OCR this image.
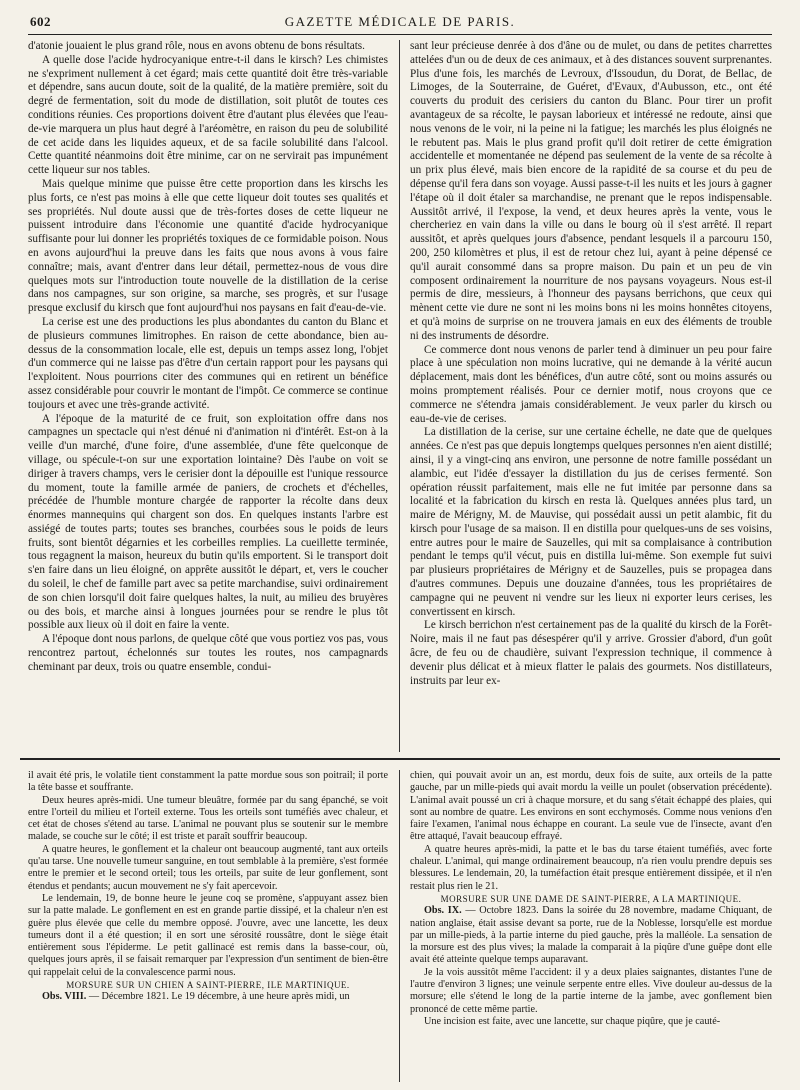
602	GAZETTE MÉDICALE DE PARIS.

d'atonie jouaient le plus grand rôle, nous en avons obtenu de bons résultats.

A quelle dose l'acide hydrocyanique entre-t-il dans le kirsch? Les chimistes ne s'expriment nullement à cet égard; mais cette quantité doit être très-variable et dépendre, sans aucun doute, soit de la qualité, de la matière première, soit du degré de fermentation, soit du mode de distillation, soit plutôt de toutes ces conditions réunies. Ces proportions doivent être d'autant plus élevées que l'eau-de-vie marquera un plus haut degré à l'aréomètre, en raison du peu de solubilité de cet acide dans les liquides aqueux, et de sa facile solubilité dans l'alcool. Cette quantité néanmoins doit être minime, car on ne servirait pas impunément cette liqueur sur nos tables.

Mais quelque minime que puisse être cette proportion dans les kirschs les plus forts, ce n'est pas moins à elle que cette liqueur doit toutes ses qualités et ses propriétés. Nul doute aussi que de très-fortes doses de cette liqueur ne puissent introduire dans l'économie une quantité d'acide hydrocyanique suffisante pour lui donner les propriétés toxiques de ce formidable poison. Nous en avons aujourd'hui la preuve dans les faits que nous avons à vous faire connaître; mais, avant d'entrer dans leur détail, permettez-nous de vous dire quelques mots sur l'introduction toute nouvelle de la distillation de la cerise dans nos campagnes, sur son origine, sa marche, ses progrès, et sur l'usage presque exclusif du kirsch que font aujourd'hui nos paysans en fait d'eau-de-vie.

La cerise est une des productions les plus abondantes du canton du Blanc et de plusieurs communes limitrophes. En raison de cette abondance, bien au-dessus de la consommation locale, elle est, depuis un temps assez long, l'objet d'un commerce qui ne laisse pas d'être d'un certain rapport pour les paysans qui l'exploitent. Nous pourrions citer des communes qui en retirent un bénéfice assez considérable pour couvrir le montant de l'impôt. Ce commerce se continue toujours et avec une très-grande activité.

A l'époque de la maturité de ce fruit, son exploitation offre dans nos campagnes un spectacle qui n'est dénué ni d'animation ni d'intérêt. Est-on à la veille d'un marché, d'une foire, d'une assemblée, d'une fête quelconque de village, ou spécule-t-on sur une exportation lointaine? Dès l'aube on voit se diriger à travers champs, vers le cerisier dont la dépouille est l'unique ressource du moment, toute la famille armée de paniers, de crochets et d'échelles, précédée de l'humble monture chargée de rapporter la récolte dans deux énormes mannequins qui chargent son dos. En quelques instants l'arbre est assiégé de toutes parts; toutes ses branches, courbées sous le poids de leurs fruits, sont bientôt dégarnies et les corbeilles remplies. La cueillette terminée, tous regagnent la maison, heureux du butin qu'ils emportent. Si le transport doit s'en faire dans un lieu éloigné, on apprête aussitôt le départ, et, vers le coucher du soleil, le chef de famille part avec sa petite marchandise, suivi ordinairement de son chien lorsqu'il doit faire quelques haltes, la nuit, au milieu des bruyères ou des bois, et marche ainsi à longues journées pour se rendre le plus tôt possible aux lieux où il doit en faire la vente.

A l'époque dont nous parlons, de quelque côté que vous portiez vos pas, vous rencontrez partout, échelonnés sur toutes les routes, nos campagnards cheminant par deux, trois ou quatre ensemble, condui-

sant leur précieuse denrée à dos d'âne ou de mulet, ou dans de petites charrettes attelées d'un ou de deux de ces animaux, et à des distances souvent surprenantes. Plus d'une fois, les marchés de Levroux, d'Issoudun, du Dorat, de Bellac, de Limoges, de la Souterraine, de Guéret, d'Evaux, d'Aubusson, etc., ont été couverts du produit des cerisiers du canton du Blanc. Pour tirer un profit avantageux de sa récolte, le paysan laborieux et intéressé ne redoute, ainsi que nous venons de le voir, ni la peine ni la fatigue; les marchés les plus éloignés ne le rebutent pas. Mais le plus grand profit qu'il doit retirer de cette émigration accidentelle et momentanée ne dépend pas seulement de la vente de sa récolte à un prix plus élevé, mais bien encore de la rapidité de sa course et du peu de dépense qu'il fera dans son voyage. Aussi passe-t-il les nuits et les jours à gagner l'étape où il doit étaler sa marchandise, ne prenant que le repos indispensable. Aussitôt arrivé, il l'expose, la vend, et deux heures après la vente, vous le chercheriez en vain dans la ville ou dans le bourg où il s'est arrêté. Il repart aussitôt, et après quelques jours d'absence, pendant lesquels il a parcouru 150, 200, 250 kilomètres et plus, il est de retour chez lui, ayant à peine dépensé ce qu'il aurait consommé dans sa propre maison. Du pain et un peu de vin composent ordinairement la nourriture de nos paysans voyageurs. Nous est-il permis de dire, messieurs, à l'honneur des paysans berrichons, que ceux qui mènent cette vie dure ne sont ni les moins bons ni les moins honnêtes citoyens, et qu'à moins de surprise on ne trouvera jamais en eux des éléments de trouble ni des instruments de désordre.

Ce commerce dont nous venons de parler tend à diminuer un peu pour faire place à une spéculation non moins lucrative, qui ne demande à la vérité aucun déplacement, mais dont les bénéfices, d'un autre côté, sont ou moins assurés ou moins promptement réalisés. Pour ce dernier motif, nous croyons que ce commerce ne s'étendra jamais considérablement. Je veux parler du kirsch ou eau-de-vie de cerises.

La distillation de la cerise, sur une certaine échelle, ne date que de quelques années. Ce n'est pas que depuis longtemps quelques personnes n'en aient distillé; ainsi, il y a vingt-cinq ans environ, une personne de notre famille possédant un alambic, eut l'idée d'essayer la distillation du jus de cerises fermenté. Son opération réussit parfaitement, mais elle ne fut imitée par personne dans sa localité et la fabrication du kirsch en resta là. Quelques années plus tard, un maire de Mérigny, M. de Mauvise, qui possédait aussi un petit alambic, fit du kirsch pour l'usage de sa maison. Il en distilla pour quelques-uns de ses voisins, entre autres pour le maire de Sauzelles, qui mit sa complaisance à contribution pendant le temps qu'il vécut, puis en distilla lui-même. Son exemple fut suivi par plusieurs propriétaires de Mérigny et de Sauzelles, puis se propagea dans d'autres communes. Depuis une douzaine d'années, tous les propriétaires de campagne qui ne peuvent ni vendre sur les lieux ni exporter leurs cerises, les convertissent en kirsch.

Le kirsch berrichon n'est certainement pas de la qualité du kirsch de la Forêt-Noire, mais il ne faut pas désespérer qu'il y arrive. Grossier d'abord, d'un goût âcre, de feu ou de chaudière, suivant l'expression technique, il commence à devenir plus délicat et à mieux flatter le palais des gourmets. Nos distillateurs, instruits par leur ex-

il avait été pris, le volatile tient constamment la patte mordue sous son poitrail; il porte la tête basse et souffrante.

Deux heures après-midi. Une tumeur bleuâtre, formée par du sang épanché, se voit entre l'orteil du milieu et l'orteil externe. Tous les orteils sont tuméfiés avec chaleur, et cet état de choses s'étend au tarse. L'animal ne pouvant plus se soutenir sur le membre malade, se couche sur le côté; il est triste et paraît souffrir beaucoup.

A quatre heures, le gonflement et la chaleur ont beaucoup augmenté, tant aux orteils qu'au tarse. Une nouvelle tumeur sanguine, en tout semblable à la première, s'est formée entre le premier et le second orteil; tous les orteils, par suite de leur gonflement, sont étendus et pendants; aucun mouvement ne s'y fait apercevoir.

Le lendemain, 19, de bonne heure le jeune coq se promène, s'appuyant assez bien sur la patte malade. Le gonflement en est en grande partie dissipé, et la chaleur n'en est guère plus élevée que celle du membre opposé. J'ouvre, avec une lancette, les deux tumeurs dont il a été question; il en sort une sérosité roussâtre, dont le siège était entièrement sous l'épiderme. Le petit gallinacé est remis dans la basse-cour, où, quelques jours après, il se faisait remarquer par l'expression d'un sentiment de bien-être qui rappelait celui de la convalescence parmi nous.

MORSURE SUR UN CHIEN A SAINT-PIERRE, ILE MARTINIQUE.

Obs. VIII. — Décembre 1821. Le 19 décembre, à une heure après midi, un

chien, qui pouvait avoir un an, est mordu, deux fois de suite, aux orteils de la patte gauche, par un mille-pieds qui avait mordu la veille un poulet (observation précédente). L'animal avait poussé un cri à chaque morsure, et du sang s'était échappé des plaies, qui sont au nombre de quatre. Les environs en sont ecchymosés. Comme nous venions d'en faire l'examen, l'animal nous échappe en courant. La seule vue de l'insecte, avant d'en être attaqué, l'avait beaucoup effrayé.

A quatre heures après-midi, la patte et le bas du tarse étaient tuméfiés, avec forte chaleur. L'animal, qui mange ordinairement beaucoup, n'a rien voulu prendre depuis ses blessures. Le lendemain, 20, la tuméfaction était presque entièrement dissipée, et il n'en restait plus rien le 21.

MORSURE SUR UNE DAME DE SAINT-PIERRE, A LA MARTINIQUE.

Obs. IX. — Octobre 1823. Dans la soirée du 28 novembre, madame Chiquant, de nation anglaise, était assise devant sa porte, rue de la Noblesse, lorsqu'elle est mordue par un mille-pieds, à la partie interne du pied gauche, près la malléole. La sensation de la morsure est des plus vives; la malade la comparait à la piqûre d'une guêpe dont elle avait été atteinte quelque temps auparavant.

Je la vois aussitôt même l'accident: il y a deux plaies saignantes, distantes l'une de l'autre d'environ 3 lignes; une veinule serpente entre elles. Vive douleur au-dessus de la morsure; elle s'étend le long de la partie interne de la jambe, avec gonflement bien prononcé de cette même partie.

Une incision est faite, avec une lancette, sur chaque piqûre, que je cauté-
